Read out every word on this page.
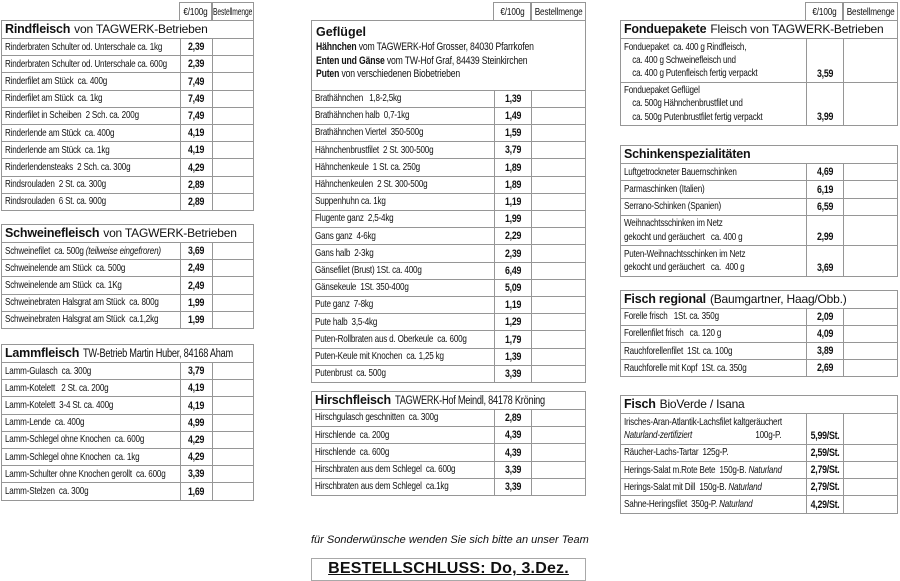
€/100g Bestellmenge
Rindfleisch von TAGWERK-Betrieben
Rinderbraten Schulter od. Unterschale ca. 1kg	2,39
Rinderbraten Schulter od. Unterschale ca. 600g	2,39
Rinderfilet am Stück  ca. 400g	7,49
Rinderfilet am Stück  ca. 1kg	7,49
Rinderfilet in Scheiben  2 Sch. ca. 200g	7,49
Rinderlende am Stück  ca. 400g	4,19
Rinderlende am Stück  ca. 1kg	4,19
Rinderlendensteaks  2 Sch. ca. 300g	4,29
Rindsrouladen  2 St. ca. 300g	2,89
Rindsrouladen  6 St. ca. 900g	2,89
Schweinefleisch von TAGWERK-Betrieben
Schweinefilet  ca. 500g (teilweise eingefroren)	3,69
Schweinelende am Stück  ca. 500g	2,49
Schweinelende am Stück  ca. 1Kg	2,49
Schweinebraten Halsgrat am Stück  ca. 800g	1,99
Schweinebraten Halsgrat am Stück  ca.1,2kg	1,99
Lammfleisch TW-Betrieb Martin Huber, 84168 Aham
Lamm-Gulasch  ca. 300g	3,79
Lamm-Kotelett   2 St. ca. 200g	4,19
Lamm-Kotelett  3-4 St. ca. 400g	4,19
Lamm-Lende  ca. 400g	4,99
Lamm-Schlegel ohne Knochen  ca. 600g	4,29
Lamm-Schlegel ohne Knochen  ca. 1kg	4,29
Lamm-Schulter ohne Knochen gerollt  ca. 600g	3,39
Lamm-Stelzen  ca. 300g	1,69
€/100g Bestellmenge
Geflügel
Hähnchen vom TAGWERK-Hof Grosser, 84030 Pfarrkofen
Enten und Gänse vom TW-Hof Graf, 84439 Steinkirchen
Puten von verschiedenen Biobetrieben
Brathähnchen   1,8-2,5kg	1,39
Brathähnchen halb  0,7-1kg	1,49
Brathähnchen Viertel  350-500g	1,59
Hähnchenbrustfilet  2 St. 300-500g	3,79
Hähnchenkeule  1 St. ca. 250g	1,89
Hähnchenkeulen  2 St. 300-500g	1,89
Suppenhuhn ca. 1kg	1,19
Flugente ganz  2,5-4kg	1,99
Gans ganz  4-6kg	2,29
Gans halb  2-3kg	2,39
Gänsefilet (Brust) 1St. ca. 400g	6,49
Gänsekeule  1St. 350-400g	5,09
Pute ganz  7-8kg	1,19
Pute halb  3,5-4kg	1,29
Puten-Rollbraten aus d. Oberkeule  ca. 600g	1,79
Puten-Keule mit Knochen  ca. 1,25 kg	1,39
Putenbrust  ca. 500g	3,39
Hirschfleisch TAGWERK-Hof Meindl, 84178 Kröning
Hirschgulasch geschnitten  ca. 300g	2,89
Hirschlende  ca. 200g	4,39
Hirschlende  ca. 600g	4,39
Hirschbraten aus dem Schlegel  ca. 600g	3,39
Hirschbraten aus dem Schlegel  ca.1kg	3,39
für Sonderwünsche wenden Sie sich bitte an unser Team
BESTELLSCHLUSS: Do, 3.Dez.
€/100g Bestellmenge
Fonduepakete Fleisch von TAGWERK-Betrieben
Fonduepaket  ca. 400 g Rindfleisch,
ca. 400 g Schweinefleisch und
ca. 400 g Putenfleisch fertig verpackt	3,59
Fonduepaket Geflügel
ca. 500g Hähnchenbrustfilet und
ca. 500g Putenbrustfilet fertig verpackt	3,99
Schinkenspezialitäten
Luftgetrockneter Bauernschinken	4,69
Parmaschinken (Italien)	6,19
Serrano-Schinken (Spanien)	6,59
Weihnachtsschinken im Netz
gekocht und geräuchert   ca. 400 g	2,99
Puten-Weihnachtsschinken im Netz
gekocht und geräuchert   ca.  400 g	3,69
Fisch regional (Baumgartner, Haag/Obb.)
Forelle frisch   1St. ca. 350g	2,09
Forellenfilet frisch   ca. 120 g	4,09
Rauchforellenfilet  1St. ca. 100g	3,89
Rauchforelle mit Kopf  1St. ca. 350g	2,69
Fisch BioVerde / Isana
Irisches-Aran-Atlantik-Lachsfilet kaltgeräuchert
Naturland-zertifiziert	100g-P.	5,99/St.
Räucher-Lachs-Tartar  125g-P.	2,59/St.
Herings-Salat m.Rote Bete  150g-B. Naturland	2,79/St.
Herings-Salat mit Dill  150g-B. Naturland	2,79/St.
Sahne-Heringsfilet  350g-P. Naturland	4,29/St.
